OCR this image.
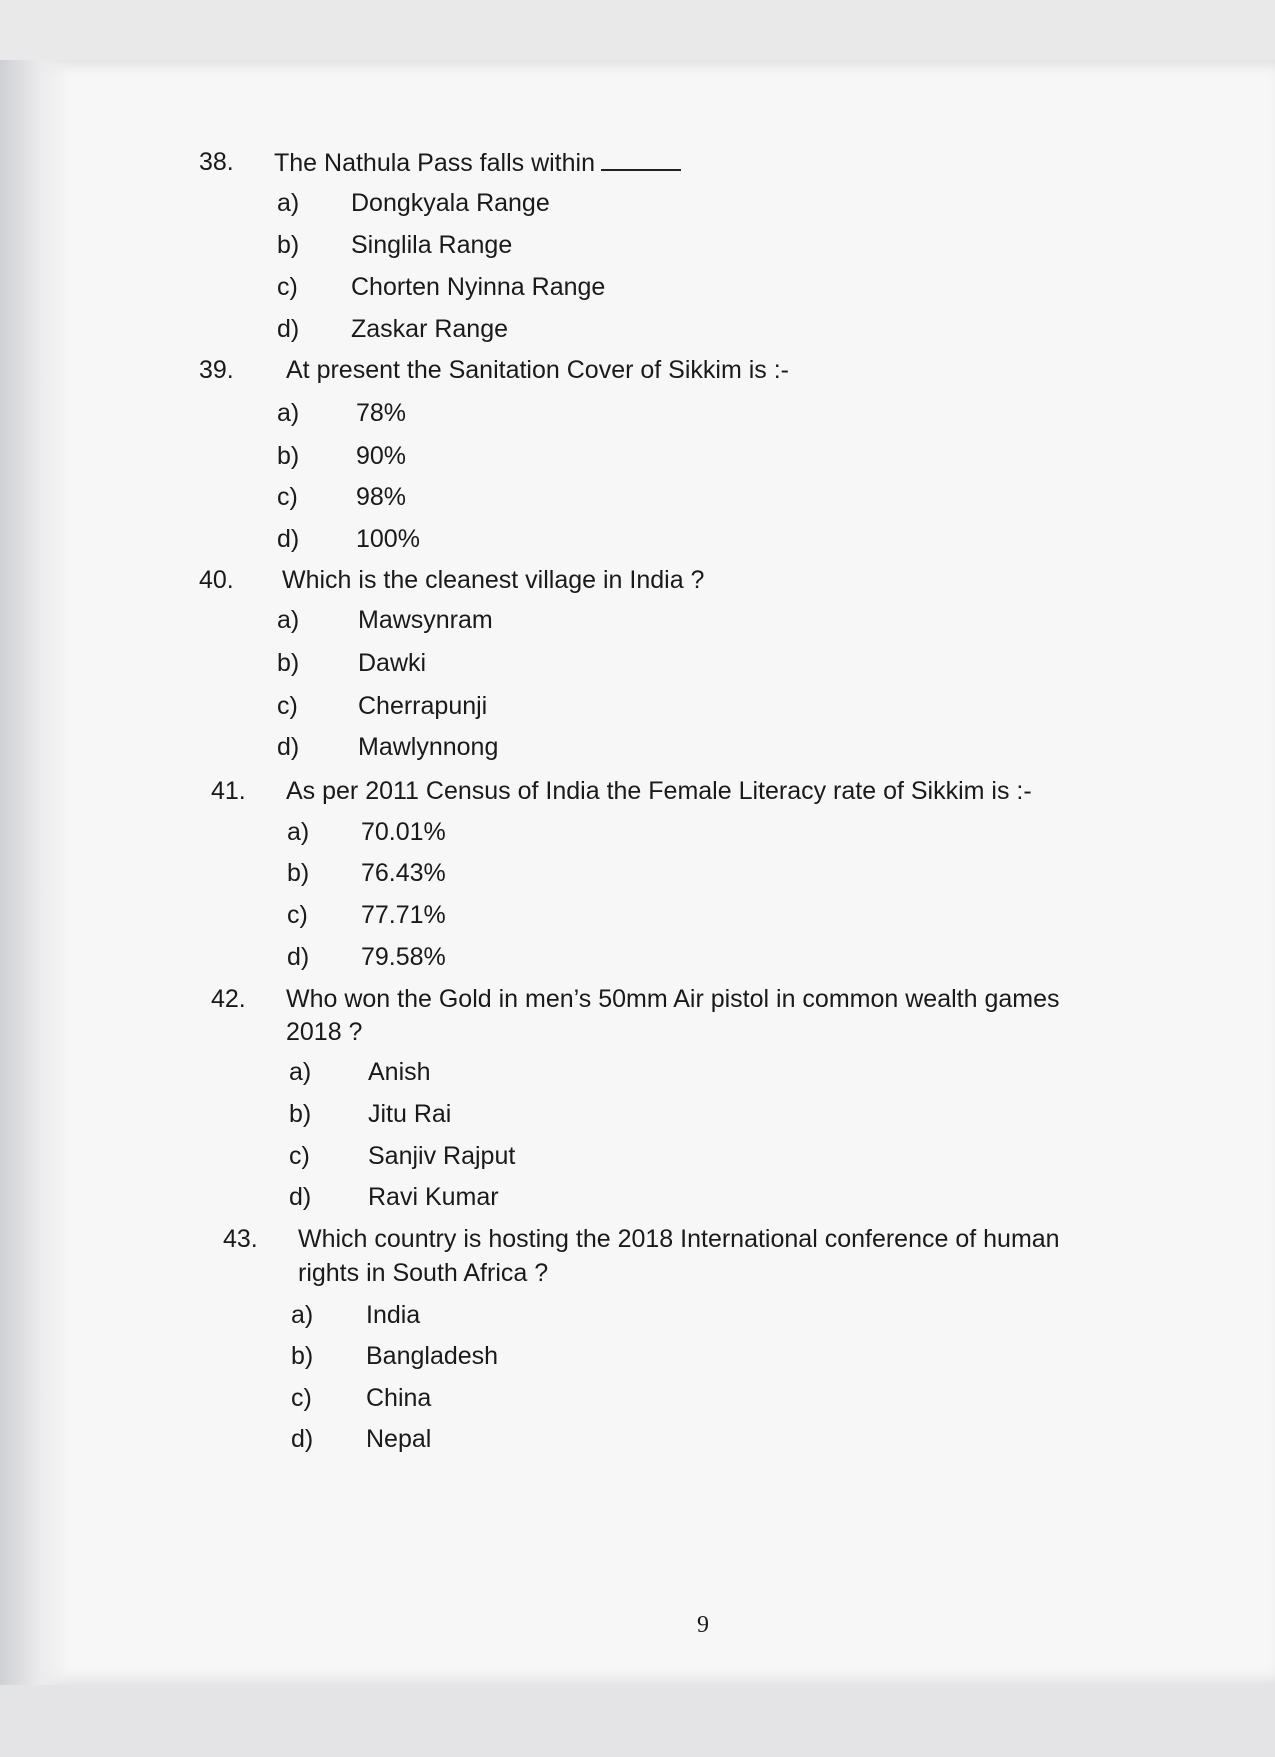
38. The Nathula Pass falls within
a) Dongkyala Range
b) Singlila Range
c) Chorten Nyinna Range
d) Zaskar Range
39. At present the Sanitation Cover of Sikkim is :-
a) 78%
b) 90%
c) 98%
d) 100%
40. Which is the cleanest village in India ?
a) Mawsynram
b) Dawki
c) Cherrapunji
d) Mawlynnong
41. As per 2011 Census of India the Female Literacy rate of Sikkim is :-
a) 70.01%
b) 76.43%
c) 77.71%
d) 79.58%
42. Who won the Gold in men’s 50mm Air pistol in common wealth games
2018 ?
a) Anish
b) Jitu Rai
c) Sanjiv Rajput
d) Ravi Kumar
43. Which country is hosting the 2018 International conference of human
rights in South Africa ?
a) India
b) Bangladesh
c) China
d) Nepal
9
